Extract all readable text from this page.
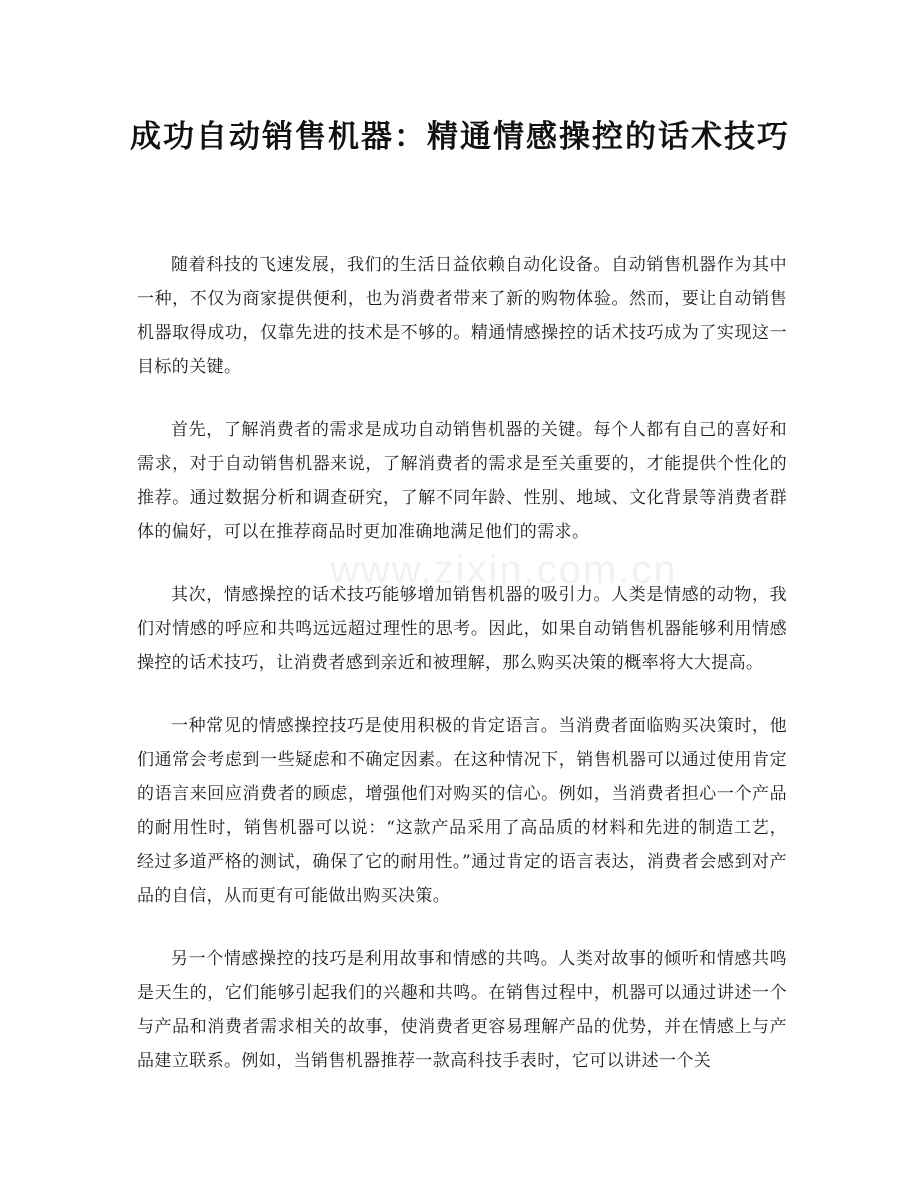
www.zixin.com.cn
成功自动销售机器：精通情感操控的话术技巧

随着科技的飞速发展，我们的生活日益依赖自动化设备。自动销售机器作为其中一种，不仅为商家提供便利，也为消费者带来了新的购物体验。然而，要让自动销售机器取得成功，仅靠先进的技术是不够的。精通情感操控的话术技巧成为了实现这一目标的关键。

首先，了解消费者的需求是成功自动销售机器的关键。每个人都有自己的喜好和需求，对于自动销售机器来说，了解消费者的需求是至关重要的，才能提供个性化的推荐。通过数据分析和调查研究，了解不同年龄、性别、地域、文化背景等消费者群体的偏好，可以在推荐商品时更加准确地满足他们的需求。

其次，情感操控的话术技巧能够增加销售机器的吸引力。人类是情感的动物，我们对情感的呼应和共鸣远远超过理性的思考。因此，如果自动销售机器能够利用情感操控的话术技巧，让消费者感到亲近和被理解，那么购买决策的概率将大大提高。

一种常见的情感操控技巧是使用积极的肯定语言。当消费者面临购买决策时，他们通常会考虑到一些疑虑和不确定因素。在这种情况下，销售机器可以通过使用肯定的语言来回应消费者的顾虑，增强他们对购买的信心。例如，当消费者担心一个产品的耐用性时，销售机器可以说：“这款产品采用了高品质的材料和先进的制造工艺，经过多道严格的测试，确保了它的耐用性。”通过肯定的语言表达，消费者会感到对产品的自信，从而更有可能做出购买决策。

另一个情感操控的技巧是利用故事和情感的共鸣。人类对故事的倾听和情感共鸣是天生的，它们能够引起我们的兴趣和共鸣。在销售过程中，机器可以通过讲述一个与产品和消费者需求相关的故事，使消费者更容易理解产品的优势，并在情感上与产品建立联系。例如，当销售机器推荐一款高科技手表时，它可以讲述一个关
